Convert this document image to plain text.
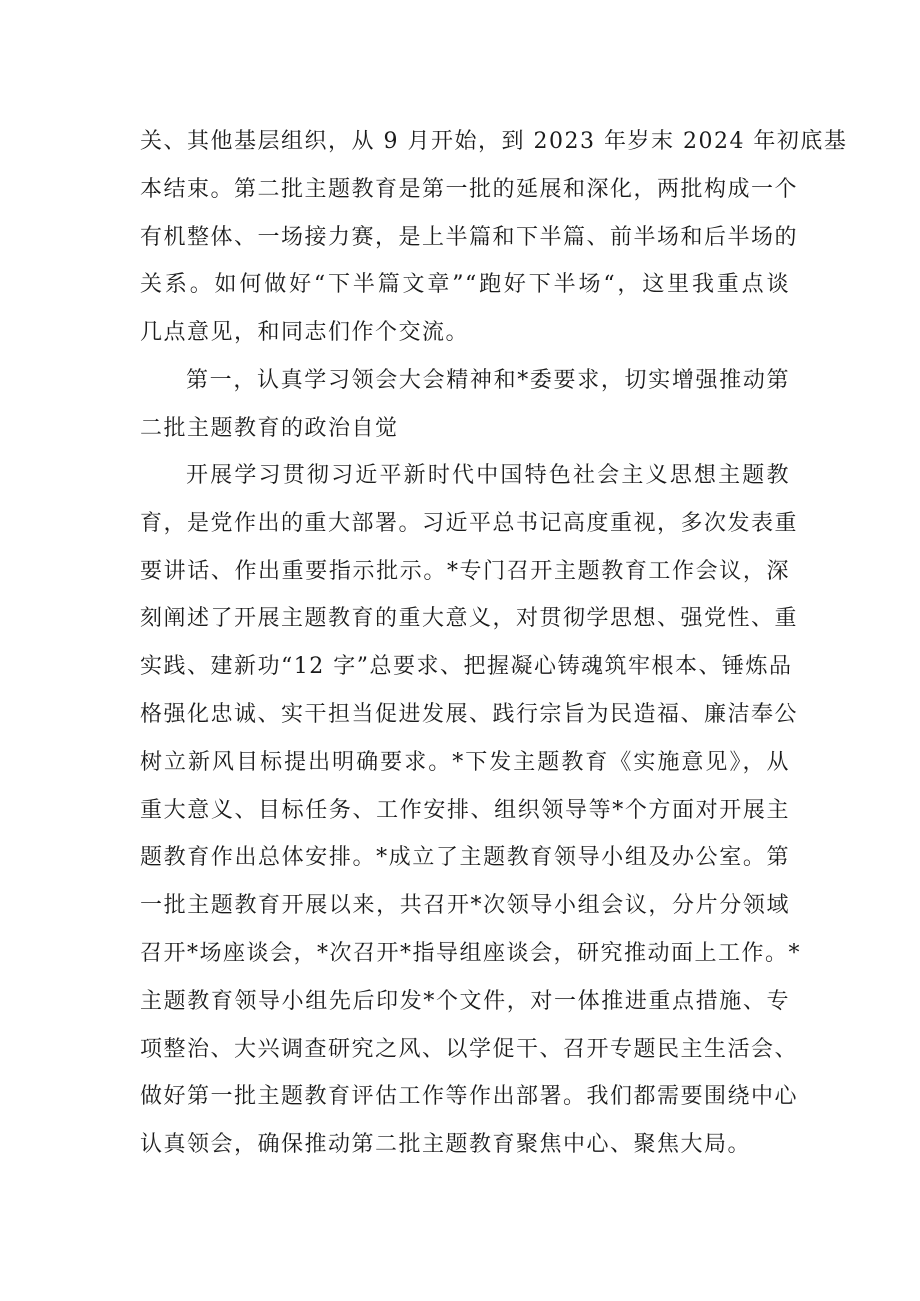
关、其他基层组织，从 9 月开始，到 2023 年岁末 2024 年初底基
本结束。第二批主题教育是第一批的延展和深化，两批构成一个
有机整体、一场接力赛，是上半篇和下半篇、前半场和后半场的
关系。如何做好“下半篇文章”“跑好下半场“，这里我重点谈
几点意见，和同志们作个交流。
第一，认真学习领会大会精神和*委要求，切实增强推动第
二批主题教育的政治自觉
开展学习贯彻习近平新时代中国特色社会主义思想主题教
育，是党作出的重大部署。习近平总书记高度重视，多次发表重
要讲话、作出重要指示批示。*专门召开主题教育工作会议，深
刻阐述了开展主题教育的重大意义，对贯彻学思想、强党性、重
实践、建新功“12 字”总要求、把握凝心铸魂筑牢根本、锤炼品
格强化忠诚、实干担当促进发展、践行宗旨为民造福、廉洁奉公
树立新风目标提出明确要求。*下发主题教育《实施意见》，从
重大意义、目标任务、工作安排、组织领导等*个方面对开展主
题教育作出总体安排。*成立了主题教育领导小组及办公室。第
一批主题教育开展以来，共召开*次领导小组会议，分片分领域
召开*场座谈会，*次召开*指导组座谈会，研究推动面上工作。*
主题教育领导小组先后印发*个文件，对一体推进重点措施、专
项整治、大兴调查研究之风、以学促干、召开专题民主生活会、
做好第一批主题教育评估工作等作出部署。我们都需要围绕中心
认真领会，确保推动第二批主题教育聚焦中心、聚焦大局。
